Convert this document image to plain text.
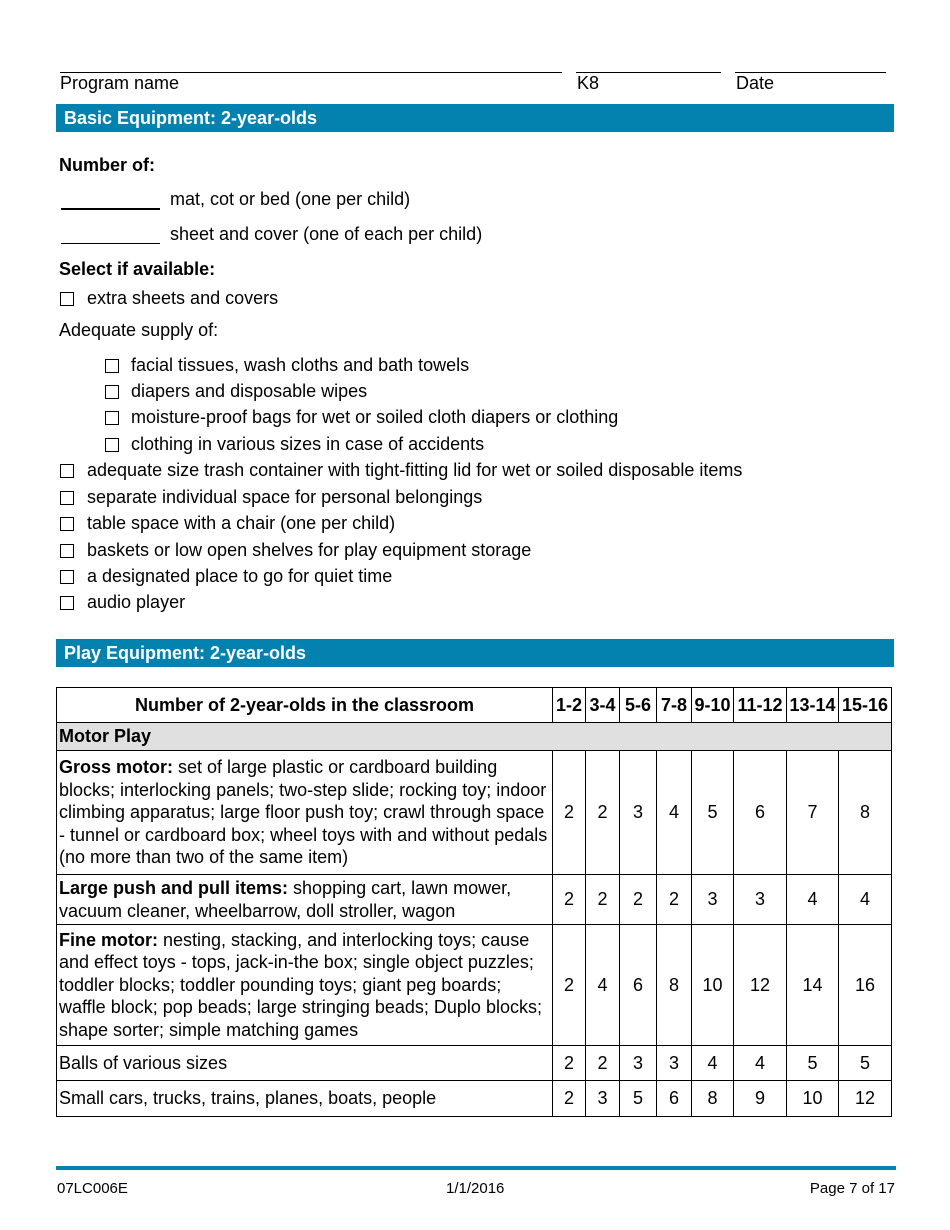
Program name	K8	Date
Basic Equipment: 2-year-olds
Number of:
mat, cot or bed (one per child)
sheet and cover (one of each per child)
Select if available:
extra sheets and covers
Adequate supply of:
facial tissues, wash cloths and bath towels
diapers and disposable wipes
moisture-proof bags for wet or soiled cloth diapers or clothing
clothing in various sizes in case of accidents
adequate size trash container with tight-fitting lid for wet or soiled disposable items
separate individual space for personal belongings
table space with a chair (one per child)
baskets or low open shelves for play equipment storage
a designated place to go for quiet time
audio player
Play Equipment: 2-year-olds
Number of 2-year-olds in the classroom	1-2	3-4	5-6	7-8	9-10	11-12	13-14	15-16
Motor Play								
Gross motor: set of large plastic or cardboard building blocks; interlocking panels; two-step slide; rocking toy; indoor climbing apparatus; large floor push toy; crawl through space - tunnel or cardboard box; wheel toys with and without pedals (no more than two of the same item)	2	2	3	4	5	6	7	8
Large push and pull items: shopping cart, lawn mower, vacuum cleaner, wheelbarrow, doll stroller, wagon	2	2	2	2	3	3	4	4
Fine motor: nesting, stacking, and interlocking toys; cause and effect toys - tops, jack-in-the box; single object puzzles; toddler blocks; toddler pounding toys; giant peg boards; waffle block; pop beads; large stringing beads; Duplo blocks; shape sorter; simple matching games	2	4	6	8	10	12	14	16
Balls of various sizes	2	2	3	3	4	4	5	5
Small cars, trucks, trains, planes, boats, people	2	3	5	6	8	9	10	12
07LC006E	1/1/2016	Page 7 of 17
